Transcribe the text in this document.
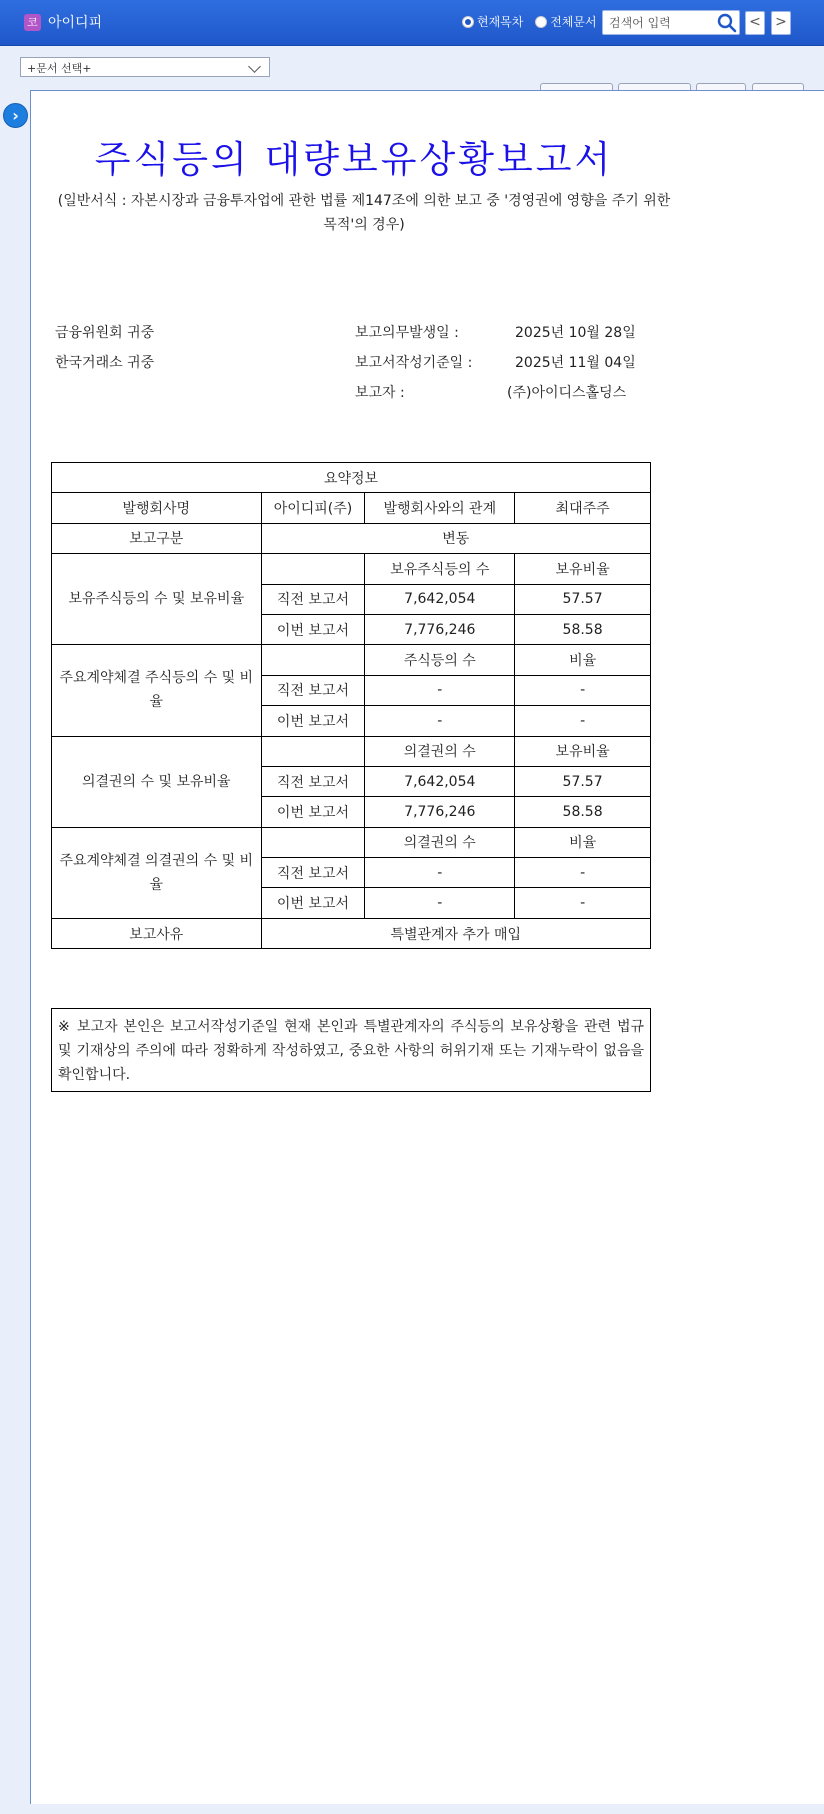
코 아이디피	현재목차
전체문서	검색어 입력	< >
+문서 선택+
주식등의 대량보유상황보고서
(일반서식 : 자본시장과 금융투자업에 관한 법률 제147조에 의한 보고 중 '경영권에 영향을 주기 위한 목적'의 경우)
금융위원회 귀중
한국거래소 귀중
보고의무발생일 :	2025년 10월 28일
보고서작성기준일 :	2025년 11월 04일
보고자 :	(주)아이디스홀딩스
요약정보			
발행회사명	아이디피(주)	발행회사와의 관계	최대주주
보고구분	변동		
보유주식등의 수 및 보유비율		보유주식등의 수	보유비율
	직전 보고서	7,642,054	57.57
	이번 보고서	7,776,246	58.58
주요계약체결 주식등의 수 및 비율		주식등의 수	비율
	직전 보고서	-	-
	이번 보고서	-	-
의결권의 수 및 보유비율		의결권의 수	보유비율
	직전 보고서	7,642,054	57.57
	이번 보고서	7,776,246	58.58
주요계약체결 의결권의 수 및 비율		의결권의 수	비율
	직전 보고서	-	-
	이번 보고서	-	-
보고사유	특별관계자 추가 매입		
※ 보고자 본인은 보고서작성기준일 현재 본인과 특별관계자의 주식등의 보유상황을 관련 법규 및 기재상의 주의에 따라 정확하게 작성하였고, 중요한 사항의 허위기재 또는 기재누락이 없음을 확인합니다.
›
